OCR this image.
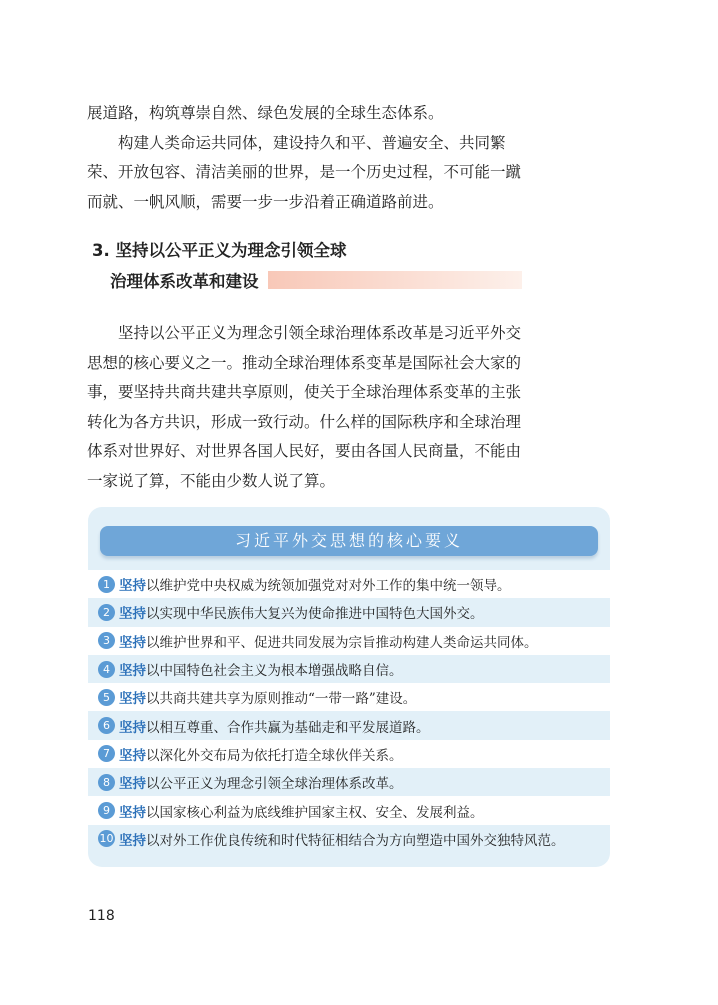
展道路，构筑尊崇自然、绿色发展的全球生态体系。

构建人类命运共同体，建设持久和平、普遍安全、共同繁荣、开放包容、清洁美丽的世界，是一个历史过程，不可能一蹴而就、一帆风顺，需要一步一步沿着正确道路前进。

3. 坚持以公平正义为理念引领全球
治理体系改革和建设

坚持以公平正义为理念引领全球治理体系改革是习近平外交思想的核心要义之一。推动全球治理体系变革是国际社会大家的事，要坚持共商共建共享原则，使关于全球治理体系变革的主张转化为各方共识，形成一致行动。什么样的国际秩序和全球治理体系对世界好、对世界各国人民好，要由各国人民商量，不能由一家说了算，不能由少数人说了算。

习近平外交思想的核心要义
1 坚持 以维护党中央权威为统领加强党对对外工作的集中统一领导。
2 坚持 以实现中华民族伟大复兴为使命推进中国特色大国外交。
3 坚持 以维护世界和平、促进共同发展为宗旨推动构建人类命运共同体。
4 坚持 以中国特色社会主义为根本增强战略自信。
5 坚持 以共商共建共享为原则推动“一带一路”建设。
6 坚持 以相互尊重、合作共赢为基础走和平发展道路。
7 坚持 以深化外交布局为依托打造全球伙伴关系。
8 坚持 以公平正义为理念引领全球治理体系改革。
9 坚持 以国家核心利益为底线维护国家主权、安全、发展利益。
10 坚持 以对外工作优良传统和时代特征相结合为方向塑造中国外交独特风范。
118
